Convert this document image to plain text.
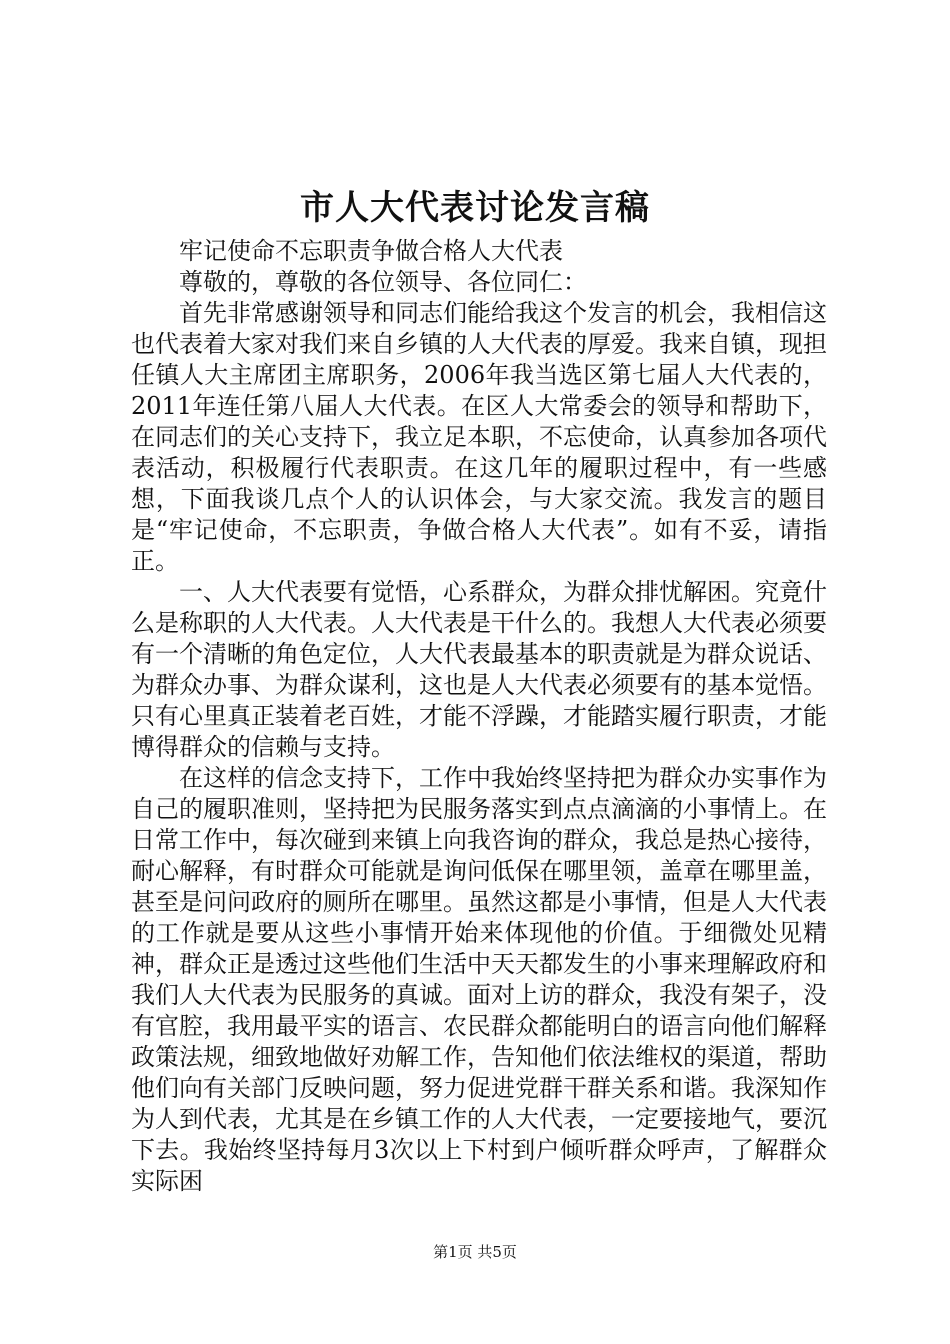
市人大代表讨论发言稿

牢记使命不忘职责争做合格人大代表

尊敬的，尊敬的各位领导、各位同仁：

首先非常感谢领导和同志们能给我这个发言的机会，我相信这也代表着大家对我们来自乡镇的人大代表的厚爱。我来自镇，现担任镇人大主席团主席职务，2006年我当选区第七届人大代表的，2011年连任第八届人大代表。在区人大常委会的领导和帮助下，在同志们的关心支持下，我立足本职，不忘使命，认真参加各项代表活动，积极履行代表职责。在这几年的履职过程中，有一些感想，下面我谈几点个人的认识体会，与大家交流。我发言的题目是“牢记使命，不忘职责，争做合格人大代表”。如有不妥，请指正。

一、人大代表要有觉悟，心系群众，为群众排忧解困。究竟什么是称职的人大代表。人大代表是干什么的。我想人大代表必须要有一个清晰的角色定位，人大代表最基本的职责就是为群众说话、为群众办事、为群众谋利，这也是人大代表必须要有的基本觉悟。只有心里真正装着老百姓，才能不浮躁，才能踏实履行职责，才能博得群众的信赖与支持。

在这样的信念支持下，工作中我始终坚持把为群众办实事作为自己的履职准则，坚持把为民服务落实到点点滴滴的小事情上。在日常工作中，每次碰到来镇上向我咨询的群众，我总是热心接待，耐心解释，有时群众可能就是询问低保在哪里领，盖章在哪里盖，甚至是问问政府的厕所在哪里。虽然这都是小事情，但是人大代表的工作就是要从这些小事情开始来体现他的价值。于细微处见精神，群众正是透过这些他们生活中天天都发生的小事来理解政府和我们人大代表为民服务的真诚。面对上访的群众，我没有架子，没有官腔，我用最平实的语言、农民群众都能明白的语言向他们解释政策法规，细致地做好劝解工作，告知他们依法维权的渠道，帮助他们向有关部门反映问题，努力促进党群干群关系和谐。我深知作为人到代表，尤其是在乡镇工作的人大代表，一定要接地气，要沉下去。我始终坚持每月3次以上下村到户倾听群众呼声，了解群众实际困

第1页 共5页
